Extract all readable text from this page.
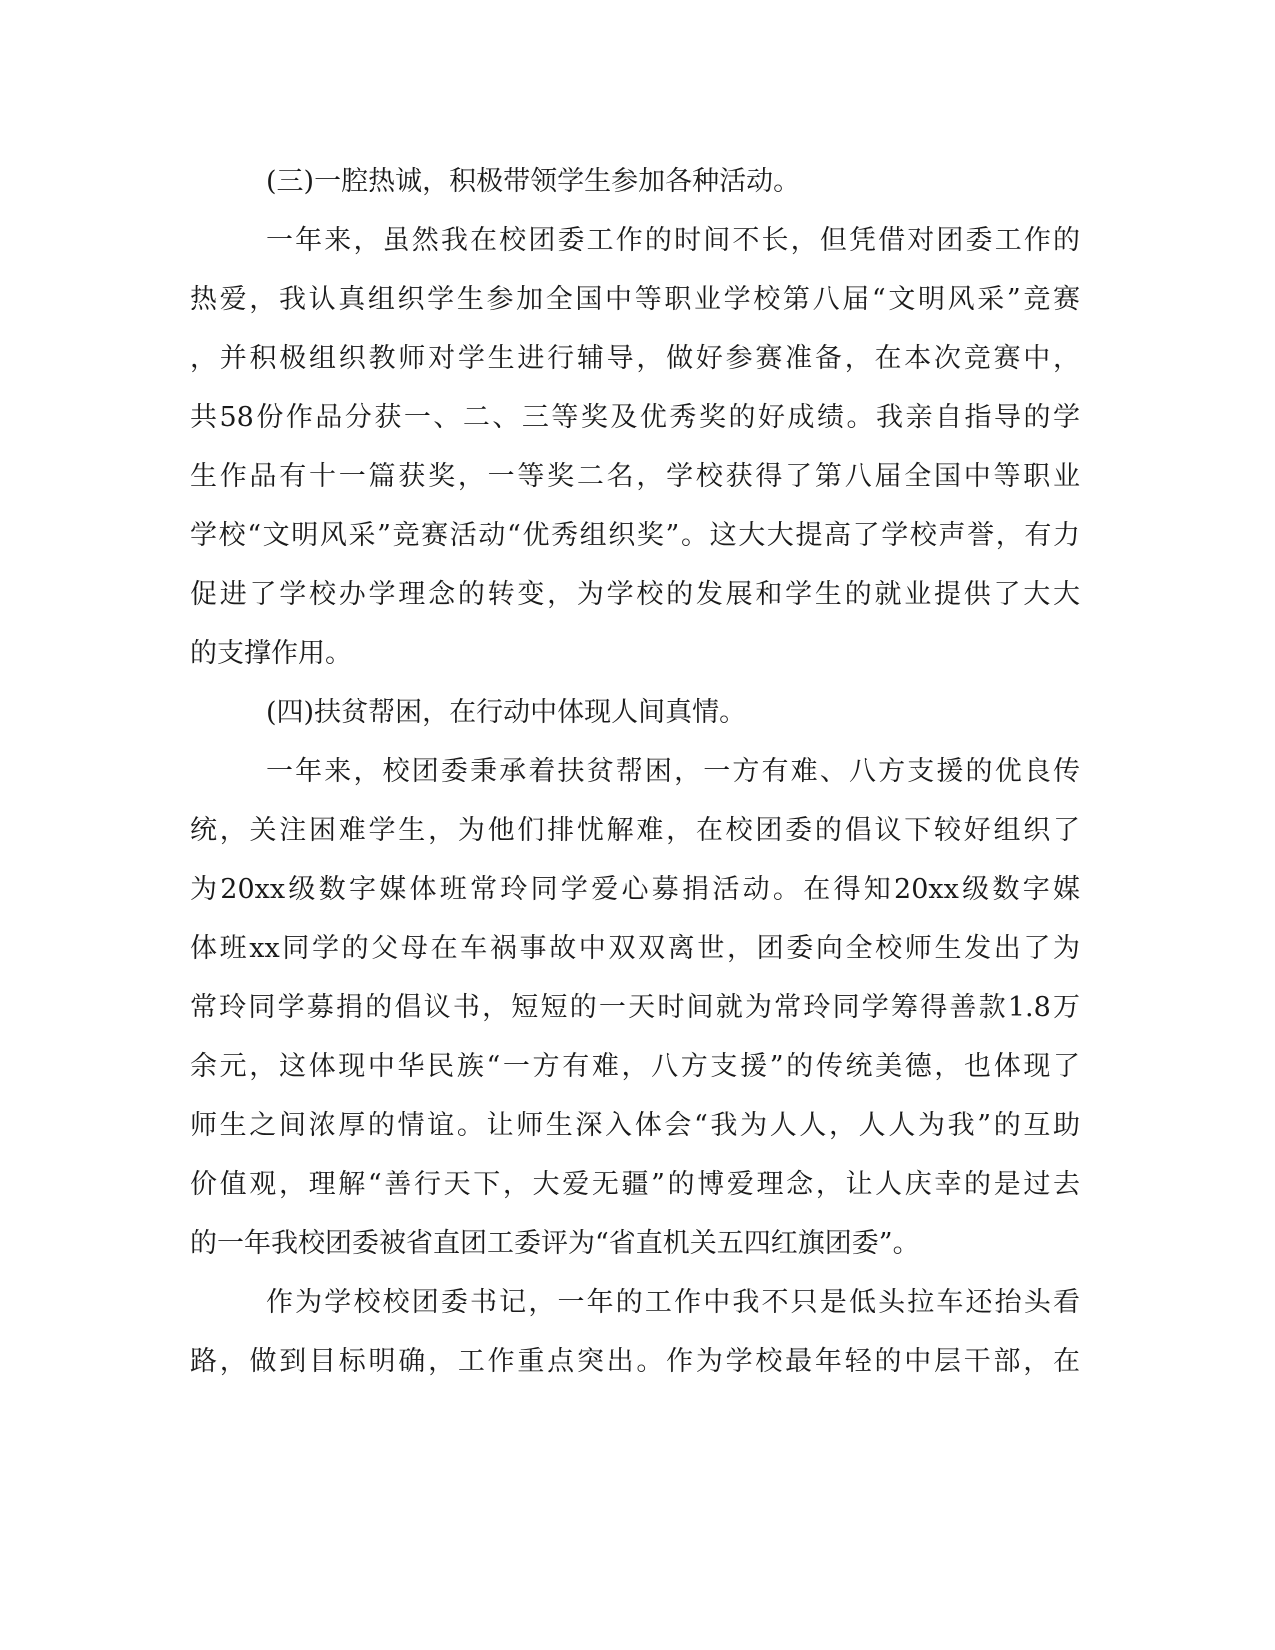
(三)一腔热诚，积极带领学生参加各种活动。
一年来，虽然我在校团委工作的时间不长，但凭借对团委工作的
热爱，我认真组织学生参加全国中等职业学校第八届“文明风采”竞赛
，并积极组织教师对学生进行辅导，做好参赛准备，在本次竞赛中，
共58份作品分获一、二、三等奖及优秀奖的好成绩。我亲自指导的学
生作品有十一篇获奖，一等奖二名，学校获得了第八届全国中等职业
学校“文明风采”竞赛活动“优秀组织奖”。这大大提高了学校声誉，有力
促进了学校办学理念的转变，为学校的发展和学生的就业提供了大大
的支撑作用。
(四)扶贫帮困，在行动中体现人间真情。
一年来，校团委秉承着扶贫帮困，一方有难、八方支援的优良传
统，关注困难学生，为他们排忧解难，在校团委的倡议下较好组织了
为20xx级数字媒体班常玲同学爱心募捐活动。在得知20xx级数字媒
体班xx同学的父母在车祸事故中双双离世，团委向全校师生发出了为
常玲同学募捐的倡议书，短短的一天时间就为常玲同学筹得善款1.8万
余元，这体现中华民族“一方有难，八方支援”的传统美德，也体现了
师生之间浓厚的情谊。让师生深入体会“我为人人，人人为我”的互助
价值观，理解“善行天下，大爱无疆”的博爱理念，让人庆幸的是过去
的一年我校团委被省直团工委评为“省直机关五四红旗团委”。
作为学校校团委书记，一年的工作中我不只是低头拉车还抬头看
路，做到目标明确，工作重点突出。作为学校最年轻的中层干部，在
